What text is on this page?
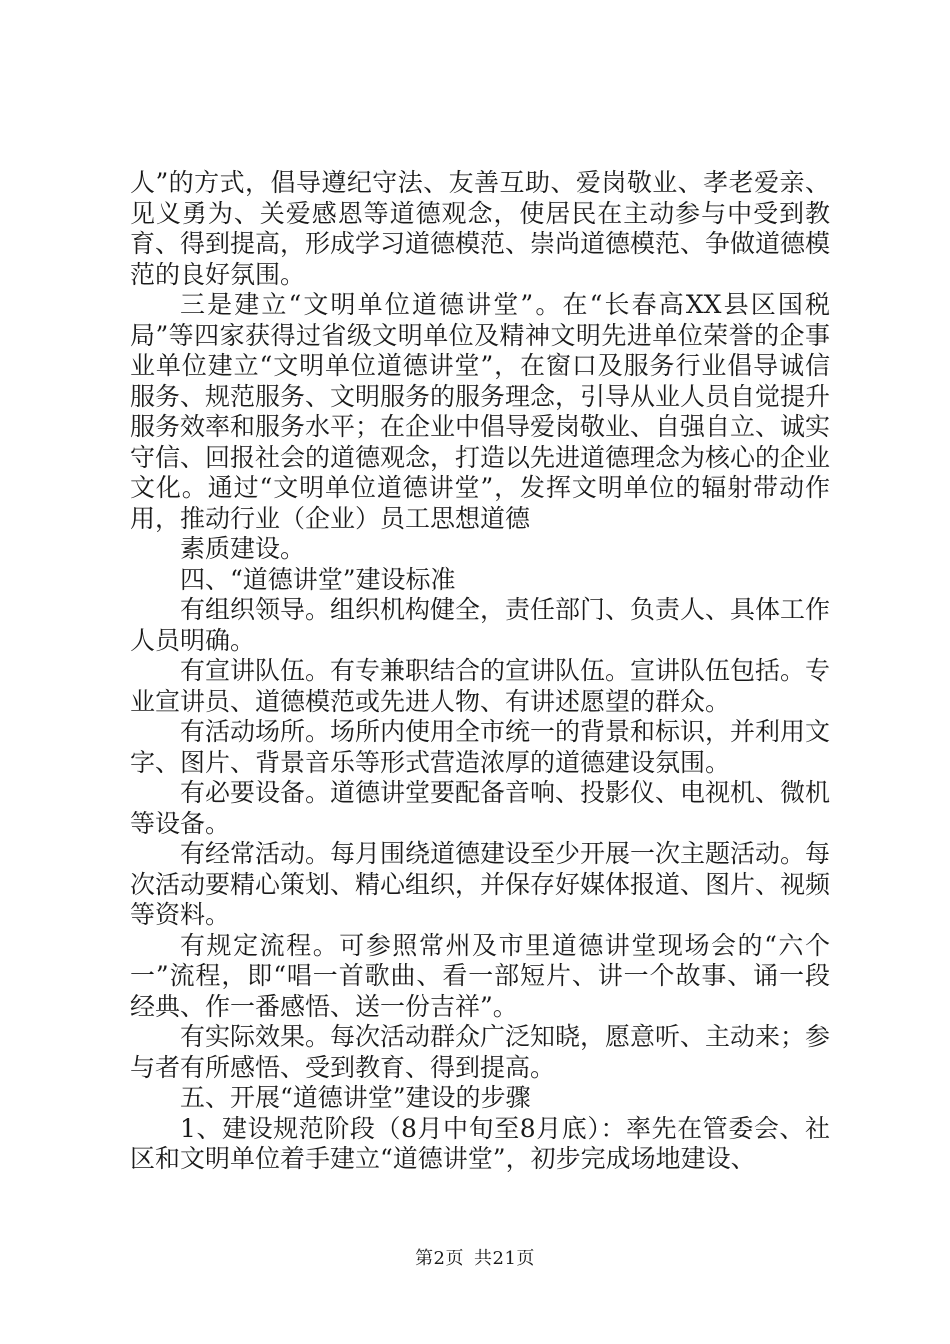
人”的方式，倡导遵纪守法、友善互助、爱岗敬业、孝老爱亲、见义勇为、关爱感恩等道德观念，使居民在主动参与中受到教育、得到提高，形成学习道德模范、崇尚道德模范、争做道德模范的良好氛围。

三是建立“文明单位道德讲堂”。在“长春高XX县区国税局”等四家获得过省级文明单位及精神文明先进单位荣誉的企事业单位建立“文明单位道德讲堂”，在窗口及服务行业倡导诚信服务、规范服务、文明服务的服务理念，引导从业人员自觉提升服务效率和服务水平；在企业中倡导爱岗敬业、自强自立、诚实守信、回报社会的道德观念，打造以先进道德理念为核心的企业文化。通过“文明单位道德讲堂”，发挥文明单位的辐射带动作用，推动行业（企业）员工思想道德

素质建设。

四、“道德讲堂”建设标准

有组织领导。组织机构健全，责任部门、负责人、具体工作人员明确。

有宣讲队伍。有专兼职结合的宣讲队伍。宣讲队伍包括。专业宣讲员、道德模范或先进人物、有讲述愿望的群众。

有活动场所。场所内使用全市统一的背景和标识，并利用文字、图片、背景音乐等形式营造浓厚的道德建设氛围。

有必要设备。道德讲堂要配备音响、投影仪、电视机、微机等设备。

有经常活动。每月围绕道德建设至少开展一次主题活动。每次活动要精心策划、精心组织，并保存好媒体报道、图片、视频等资料。

有规定流程。可参照常州及市里道德讲堂现场会的“六个一”流程，即“唱一首歌曲、看一部短片、讲一个故事、诵一段经典、作一番感悟、送一份吉祥”。

有实际效果。每次活动群众广泛知晓，愿意听、主动来；参与者有所感悟、受到教育、得到提高。

五、开展“道德讲堂”建设的步骤

1、建设规范阶段（8月中旬至8月底）：率先在管委会、社区和文明单位着手建立“道德讲堂”，初步完成场地建设、

第2页 共21页
